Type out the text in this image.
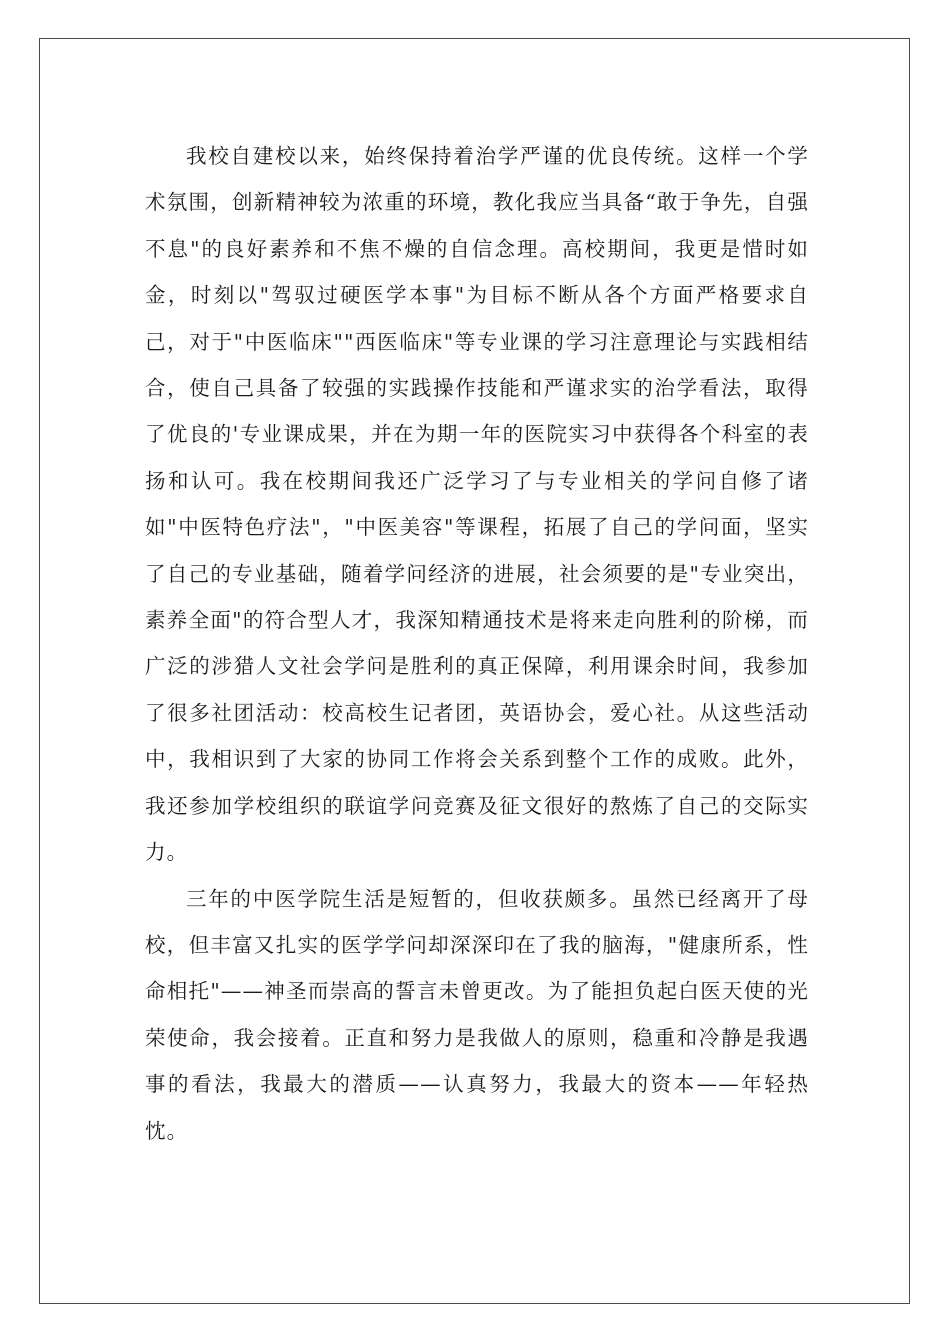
我校自建校以来，始终保持着治学严谨的优良传统。这样一个学术氛围，创新精神较为浓重的环境，教化我应当具备“敢于争先，自强不息"的良好素养和不焦不燥的自信念理。高校期间，我更是惜时如金，时刻以"驾驭过硬医学本事"为目标不断从各个方面严格要求自己，对于"中医临床""西医临床"等专业课的学习注意理论与实践相结合，使自己具备了较强的实践操作技能和严谨求实的治学看法，取得了优良的'专业课成果，并在为期一年的医院实习中获得各个科室的表扬和认可。我在校期间我还广泛学习了与专业相关的学问自修了诸如"中医特色疗法"，"中医美容"等课程，拓展了自己的学问面，坚实了自己的专业基础，随着学问经济的进展，社会须要的是"专业突出，素养全面"的符合型人才，我深知精通技术是将来走向胜利的阶梯，而广泛的涉猎人文社会学问是胜利的真正保障，利用课余时间，我参加了很多社团活动：校高校生记者团，英语协会，爱心社。从这些活动中，我相识到了大家的协同工作将会关系到整个工作的成败。此外，我还参加学校组织的联谊学问竞赛及征文很好的熬炼了自己的交际实力。

三年的中医学院生活是短暂的，但收获颇多。虽然已经离开了母校，但丰富又扎实的医学学问却深深印在了我的脑海，"健康所系，性命相托"——神圣而崇高的誓言未曾更改。为了能担负起白医天使的光荣使命，我会接着。正直和努力是我做人的原则，稳重和冷静是我遇事的看法，我最大的潜质——认真努力，我最大的资本——年轻热忱。
